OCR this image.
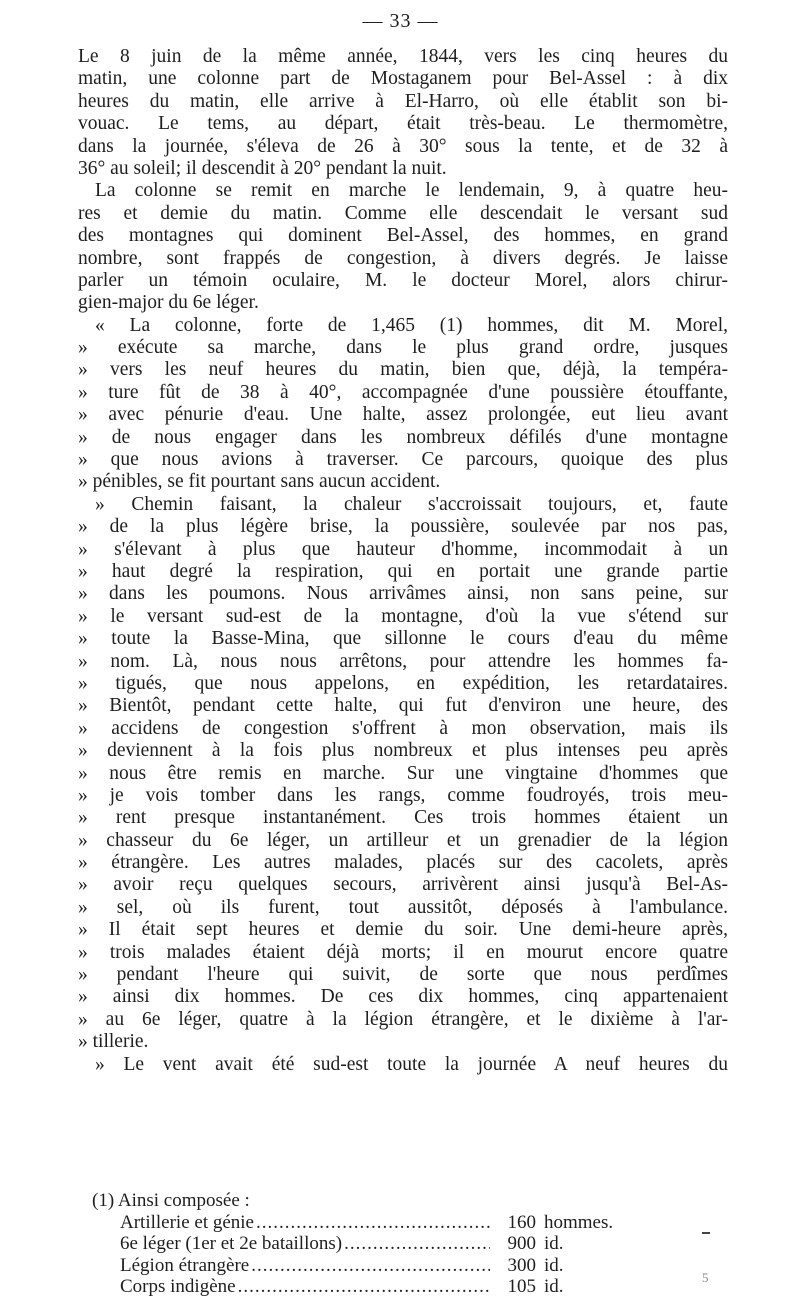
— 33 —
Le 8 juin de la même année, 1844, vers les cinq heures du
matin, une colonne part de Mostaganem pour Bel-Assel : à dix
heures du matin, elle arrive à El-Harro, où elle établit son bi-
vouac. Le tems, au départ, était très-beau. Le thermomètre,
dans la journée, s'éleva de 26 à 30° sous la tente, et de 32 à
36° au soleil; il descendit à 20° pendant la nuit.
La colonne se remit en marche le lendemain, 9, à quatre heu-
res et demie du matin. Comme elle descendait le versant sud
des montagnes qui dominent Bel-Assel, des hommes, en grand
nombre, sont frappés de congestion, à divers degrés. Je laisse
parler un témoin oculaire, M. le docteur Morel, alors chirur-
gien-major du 6e léger.
« La colonne, forte de 1,465 (1) hommes, dit M. Morel,
» exécute sa marche, dans le plus grand ordre, jusques
» vers les neuf heures du matin, bien que, déjà, la tempéra-
» ture fût de 38 à 40°, accompagnée d'une poussière étouffante,
» avec pénurie d'eau. Une halte, assez prolongée, eut lieu avant
» de nous engager dans les nombreux défilés d'une montagne
» que nous avions à traverser. Ce parcours, quoique des plus
» pénibles, se fit pourtant sans aucun accident.
» Chemin faisant, la chaleur s'accroissait toujours, et, faute
» de la plus légère brise, la poussière, soulevée par nos pas,
» s'élevant à plus que hauteur d'homme, incommodait à un
» haut degré la respiration, qui en portait une grande partie
» dans les poumons. Nous arrivâmes ainsi, non sans peine, sur
» le versant sud-est de la montagne, d'où la vue s'étend sur
» toute la Basse-Mina, que sillonne le cours d'eau du même
» nom. Là, nous nous arrêtons, pour attendre les hommes fa-
» tigués, que nous appelons, en expédition, les retardataires.
» Bientôt, pendant cette halte, qui fut d'environ une heure, des
» accidens de congestion s'offrent à mon observation, mais ils
» deviennent à la fois plus nombreux et plus intenses peu après
» nous être remis en marche. Sur une vingtaine d'hommes que
» je vois tomber dans les rangs, comme foudroyés, trois meu-
» rent presque instantanément. Ces trois hommes étaient un
» chasseur du 6e léger, un artilleur et un grenadier de la légion
» étrangère. Les autres malades, placés sur des cacolets, après
» avoir reçu quelques secours, arrivèrent ainsi jusqu'à Bel-As-
» sel, où ils furent, tout aussitôt, déposés à l'ambulance.
» Il était sept heures et demie du soir. Une demi-heure après,
» trois malades étaient déjà morts; il en mourut encore quatre
» pendant l'heure qui suivit, de sorte que nous perdîmes
» ainsi dix hommes. De ces dix hommes, cinq appartenaient
» au 6e léger, quatre à la légion étrangère, et le dixième à l'ar-
» tillerie.
» Le vent avait été sud-est toute la journée A neuf heures du
(1) Ainsi composée :
Artillerie et génie .....	160 hommes.
6e léger (1er et 2e bataillons) .....	900 id.
Légion étrangère .....	300 id.
Corps indigène .....	105 id.	5
